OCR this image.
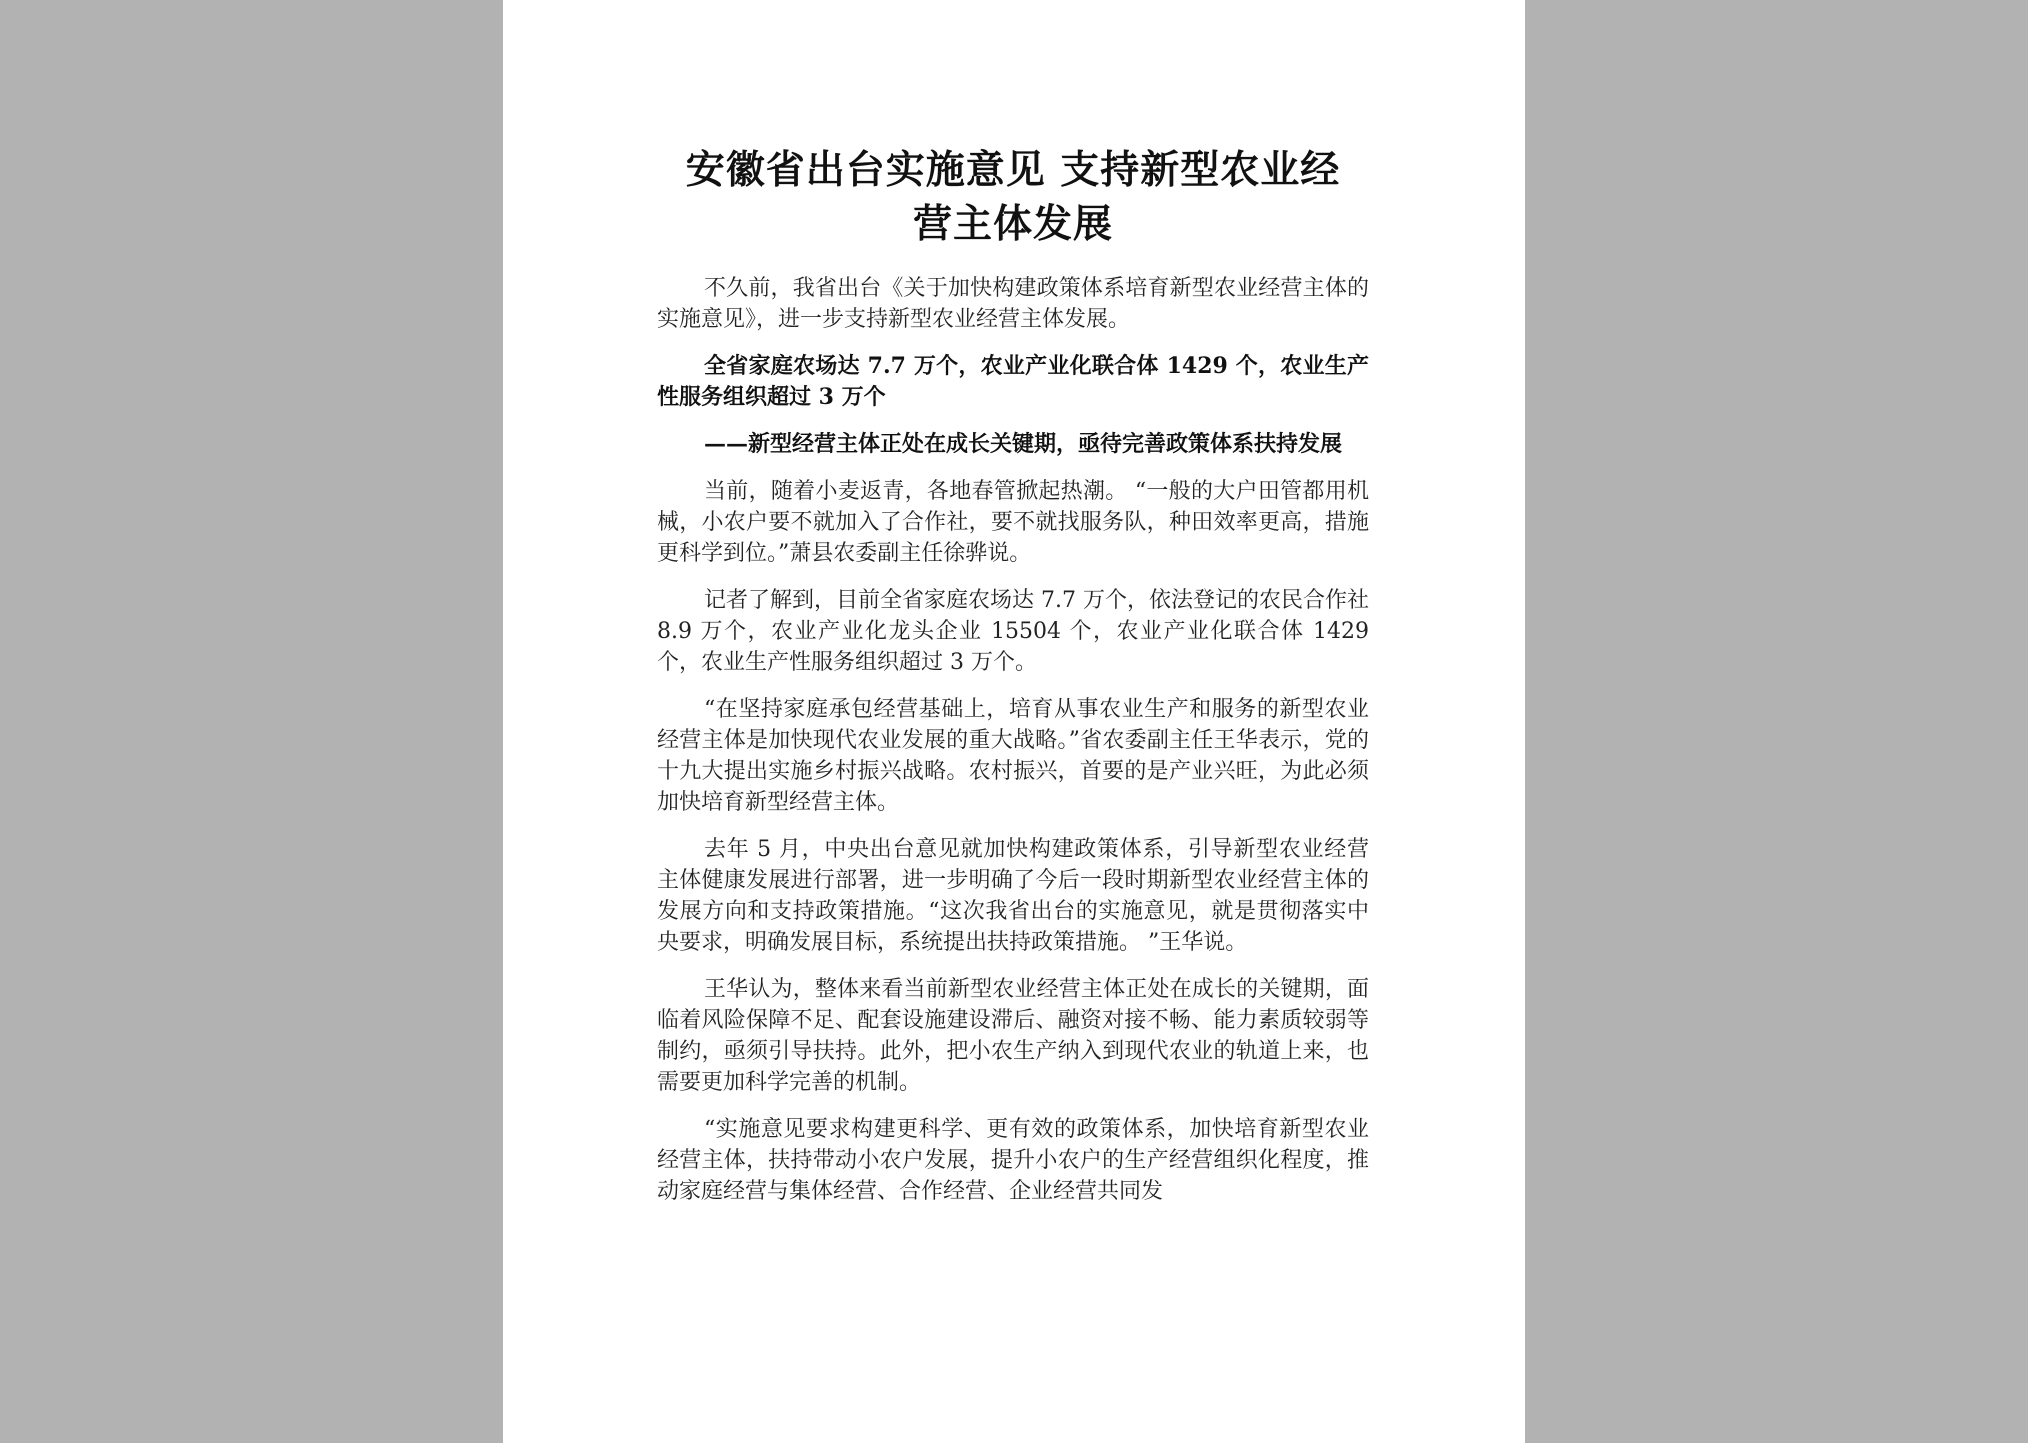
安徽省出台实施意见 支持新型农业经
营主体发展

不久前，我省出台《关于加快构建政策体系培育新型农业经营主体的实施意见》，进一步支持新型农业经营主体发展。

全省家庭农场达 7.7 万个，农业产业化联合体 1429 个，农业生产性服务组织超过 3 万个

——新型经营主体正处在成长关键期，亟待完善政策体系扶持发展

当前，随着小麦返青，各地春管掀起热潮。 “一般的大户田管都用机械，小农户要不就加入了合作社，要不就找服务队，种田效率更高，措施更科学到位。”萧县农委副主任徐骅说。

记者了解到，目前全省家庭农场达 7.7 万个，依法登记的农民合作社 8.9 万个，农业产业化龙头企业 15504 个，农业产业化联合体 1429 个，农业生产性服务组织超过 3 万个。

“在坚持家庭承包经营基础上，培育从事农业生产和服务的新型农业经营主体是加快现代农业发展的重大战略。”省农委副主任王华表示，党的十九大提出实施乡村振兴战略。农村振兴，首要的是产业兴旺，为此必须加快培育新型经营主体。

去年 5 月，中央出台意见就加快构建政策体系，引导新型农业经营主体健康发展进行部署，进一步明确了今后一段时期新型农业经营主体的发展方向和支持政策措施。“这次我省出台的实施意见，就是贯彻落实中央要求，明确发展目标，系统提出扶持政策措施。 ”王华说。

王华认为，整体来看当前新型农业经营主体正处在成长的关键期，面临着风险保障不足、配套设施建设滞后、融资对接不畅、能力素质较弱等制约，亟须引导扶持。此外，把小农生产纳入到现代农业的轨道上来，也需要更加科学完善的机制。

“实施意见要求构建更科学、更有效的政策体系，加快培育新型农业经营主体，扶持带动小农户发展，提升小农户的生产经营组织化程度，推动家庭经营与集体经营、合作经营、企业经营共同发
